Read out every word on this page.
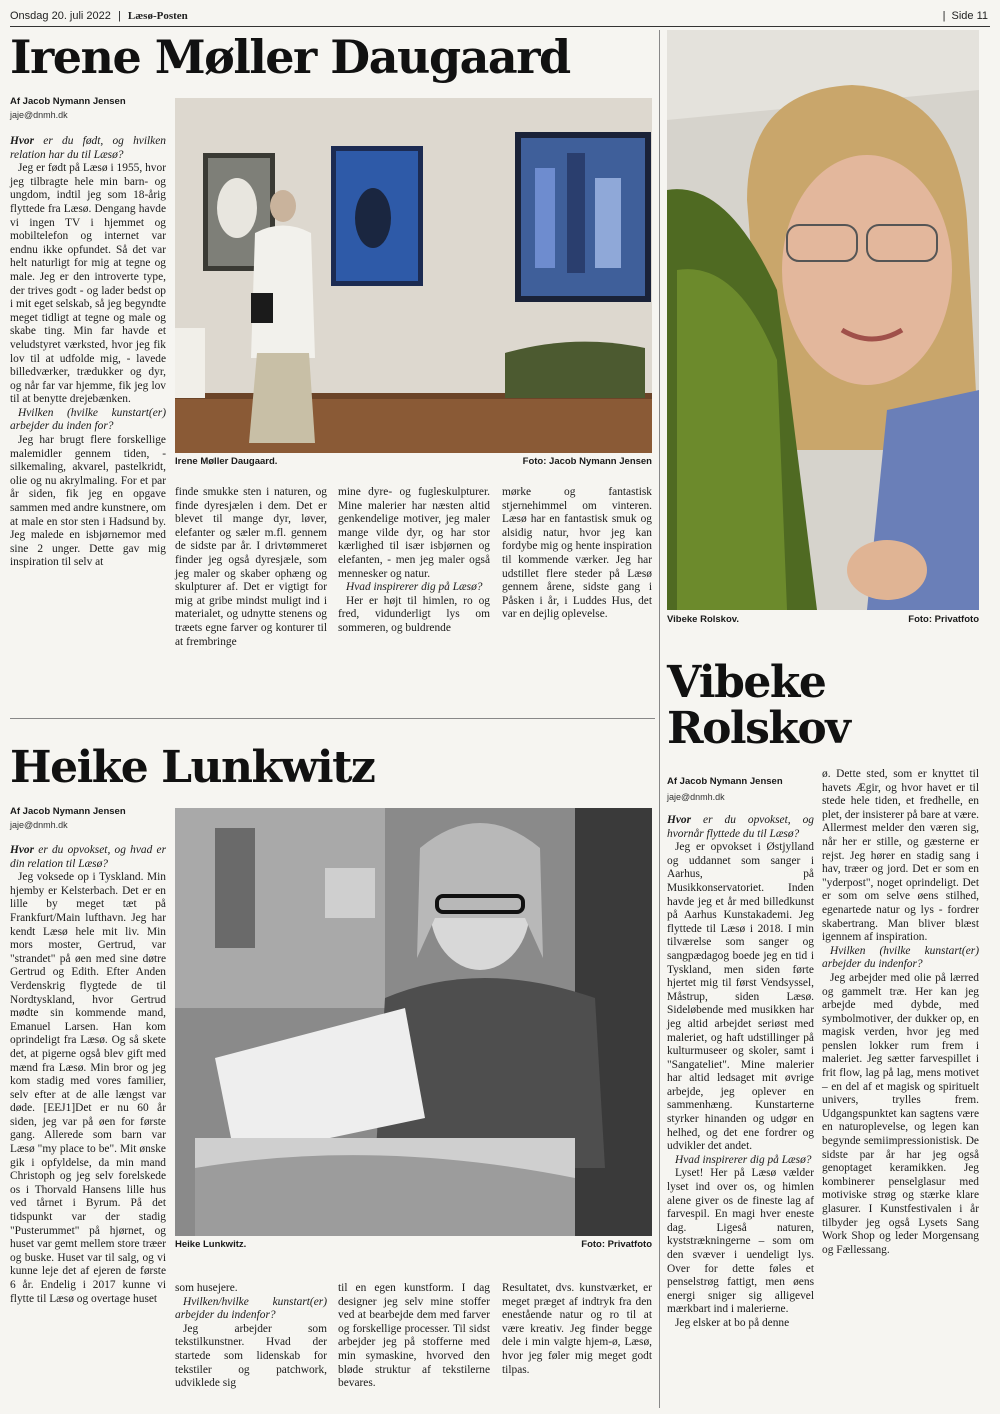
Onsdag 20. juli 2022 | Læsø-Posten	| Side 11
Irene Møller Daugaard
Af Jacob Nymann Jensen
jaje@dnmh.dk
Irene Møller Daugaard.	Foto: Jacob Nymann Jensen

Hvor er du født, og hvilken relation har du til Læsø?

Jeg er født på Læsø i 1955, hvor jeg tilbragte hele min barn- og ungdom, indtil jeg som 18-årig flyttede fra Læsø. Dengang havde vi ingen TV i hjemmet og mobiltelefon og internet var endnu ikke opfundet. Så det var helt naturligt for mig at tegne og male. Jeg er den introverte type, der trives godt - og lader bedst op i mit eget selskab, så jeg begyndte meget tidligt at tegne og male og skabe ting. Min far havde et veludstyret værksted, hvor jeg fik lov til at udfolde mig, - lavede billedværker, trædukker og dyr, og når far var hjemme, fik jeg lov til at benytte drejebænken.

Hvilken (hvilke kunstart(er) arbejder du inden for?

Jeg har brugt flere forskellige malemidler gennem tiden, - silkemaling, akvarel, pastelkridt, olie og nu akrylmaling. For et par år siden, fik jeg en opgave sammen med andre kunstnere, om at male en stor sten i Hadsund by. Jeg malede en isbjørnemor med sine 2 unger. Dette gav mig inspiration til selv at

finde smukke sten i naturen, og finde dyresjælen i dem. Det er blevet til mange dyr, løver, elefanter og sæler m.fl. gennem de sidste par år. I drivtømmeret finder jeg også dyresjæle, som jeg maler og skaber ophæng og skulpturer af. Det er vigtigt for mig at gribe mindst muligt ind i materialet, og udnytte stenens og træets egne farver og konturer til at frembringe

mine dyre- og fugleskulpturer. Mine malerier har næsten altid genkendelige motiver, jeg maler mange vilde dyr, og har stor kærlighed til især isbjørnen og elefanten, - men jeg maler også mennesker og natur.

Hvad inspirerer dig på Læsø?

Her er højt til himlen, ro og fred, vidunderligt lys om sommeren, og buldrende

mørke og fantastisk stjernehimmel om vinteren. Læsø har en fantastisk smuk og alsidig natur, hvor jeg kan fordybe mig og hente inspiration til kommende værker. Jeg har udstillet flere steder på Læsø gennem årene, sidste gang i Påsken i år, i Luddes Hus, det var en dejlig oplevelse.

Heike Lunkwitz
Af Jacob Nymann Jensen
jaje@dnmh.dk
Heike Lunkwitz.	Foto: Privatfoto

Hvor er du opvokset, og hvad er din relation til Læsø?

Jeg voksede op i Tyskland. Min hjemby er Kelsterbach. Det er en lille by meget tæt på Frankfurt/Main lufthavn. Jeg har kendt Læsø hele mit liv. Min mors moster, Gertrud, var "strandet" på øen med sine døtre Gertrud og Edith. Efter Anden Verdenskrig flygtede de til Nordtyskland, hvor Gertrud mødte sin kommende mand, Emanuel Larsen. Han kom oprindeligt fra Læsø. Og så skete det, at pigerne også blev gift med mænd fra Læsø. Min bror og jeg kom stadig med vores familier, selv efter at de alle længst var døde. [EEJ1]Det er nu 60 år siden, jeg var på øen for første gang. Allerede som barn var Læsø "my place to be". Mit ønske gik i opfyldelse, da min mand Christoph og jeg selv forelskede os i Thorvald Hansens lille hus ved tårnet i Byrum. På det tidspunkt var der stadig "Pusterummet" på hjørnet, og huset var gemt mellem store træer og buske. Huset var til salg, og vi kunne leje det af ejeren de første 6 år. Endelig i 2017 kunne vi flytte til Læsø og overtage huset

som husejere.

Hvilken/hvilke kunstart(er) arbejder du indenfor?

Jeg arbejder som tekstilkunstner. Hvad der startede som lidenskab for tekstiler og patchwork, udviklede sig

til en egen kunstform. I dag designer jeg selv mine stoffer ved at bearbejde dem med farver og forskellige processer. Til sidst arbejder jeg på stofferne med min symaskine, hvorved den bløde struktur af tekstilerne bevares.

Resultatet, dvs. kunstværket, er meget præget af indtryk fra den enestående natur og ro til at være kreativ. Jeg finder begge dele i min valgte hjem-ø, Læsø, hvor jeg føler mig meget godt tilpas.

Vibeke Rolskov.	Foto: Privatfoto
Vibeke
Rolskov
Af Jacob Nymann Jensen
jaje@dnmh.dk

Hvor er du opvokset, og hvornår flyttede du til Læsø?

Jeg er opvokset i Østjylland og uddannet som sanger i Aarhus, på Musikkonservatoriet. Inden havde jeg et år med billedkunst på Aarhus Kunstakademi. Jeg flyttede til Læsø i 2018. I min tilværelse som sanger og sangpædagog boede jeg en tid i Tyskland, men siden førte hjertet mig til først Vendsyssel, Måstrup, siden Læsø. Sideløbende med musikken har jeg altid arbejdet seriøst med maleriet, og haft udstillinger på kulturmuseer og skoler, samt i "Sangateliet". Mine malerier har altid ledsaget mit øvrige arbejde, jeg oplever en sammenhæng. Kunstarterne styrker hinanden og udgør en helhed, og det ene fordrer og udvikler det andet.

Hvad inspirerer dig på Læsø?

Lyset! Her på Læsø vælder lyset ind over os, og himlen alene giver os de fineste lag af farvespil. En magi hver eneste dag. Ligeså naturen, kyststrækningerne – som om den svæver i uendeligt lys. Over for dette føles et penselstrøg fattigt, men øens energi sniger sig alligevel mærkbart ind i malerierne.

Jeg elsker at bo på denne

ø. Dette sted, som er knyttet til havets Ægir, og hvor havet er til stede hele tiden, et fredhelle, en plet, der insisterer på bare at være. Allermest melder den væren sig, når her er stille, og gæsterne er rejst. Jeg hører en stadig sang i hav, træer og jord. Det er som en "yderpost", noget oprindeligt. Det er som om selve øens stilhed, egenartede natur og lys - fordrer skabertrang. Man bliver blæst igennem af inspiration.

Hvilken (hvilke kunstart(er) arbejder du indenfor?

Jeg arbejder med olie på lærred og gammelt træ. Her kan jeg arbejde med dybde, med symbolmotiver, der dukker op, en magisk verden, hvor jeg med penslen lokker rum frem i maleriet. Jeg sætter farvespillet i frit flow, lag på lag, mens motivet – en del af et magisk og spirituelt univers, trylles frem. Udgangspunktet kan sagtens være en naturoplevelse, og legen kan begynde semiimpressionistisk. De sidste par år har jeg også genoptaget keramikken. Jeg kombinerer penselglasur med motiviske strøg og stærke klare glasurer. I Kunstfestivalen i år tilbyder jeg også Lysets Sang Work Shop og leder Morgensang og Fællessang.
